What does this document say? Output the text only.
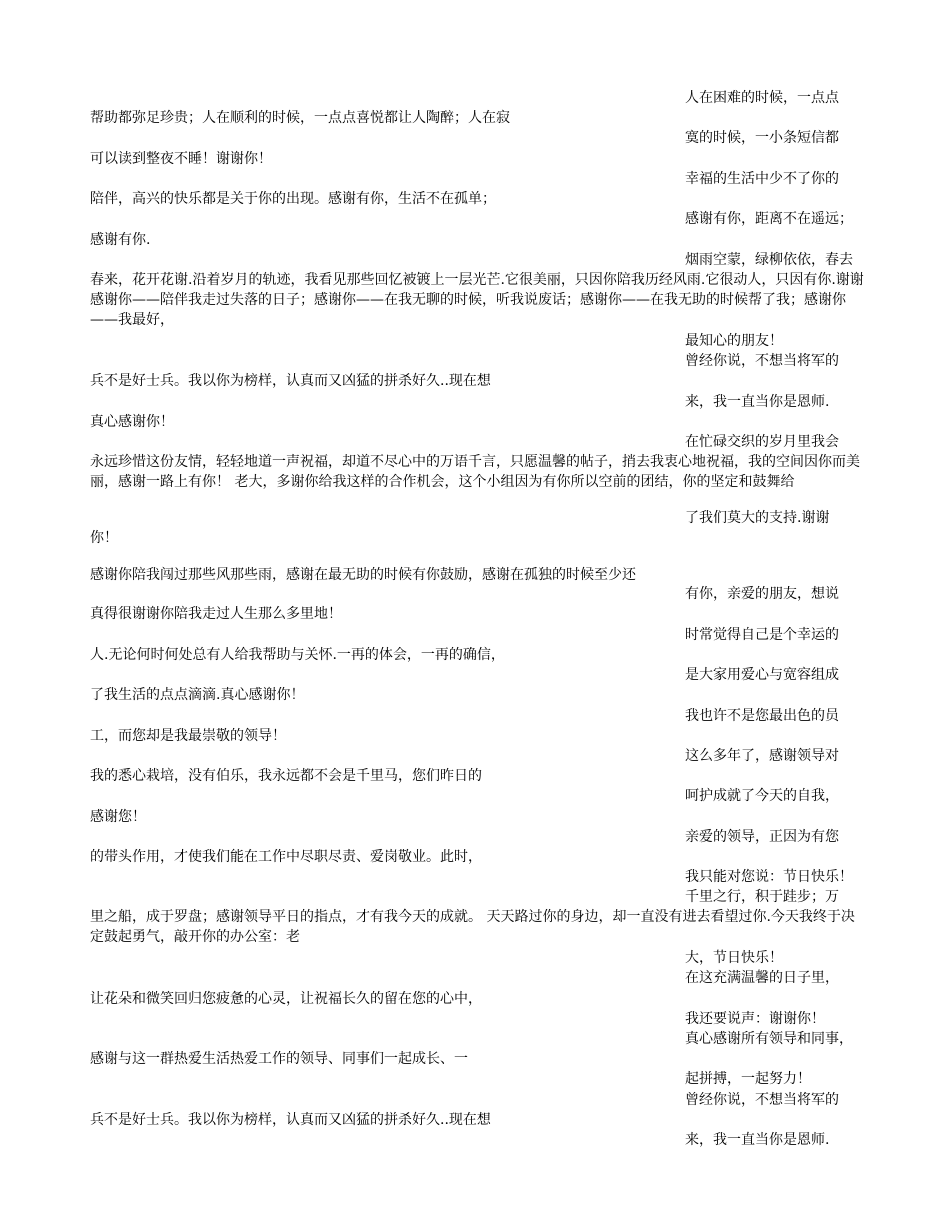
人在困难的时候，一点点
帮助都弥足珍贵；人在顺利的时候，一点点喜悦都让人陶醉；人在寂
寞的时候，一小条短信都
可以读到整夜不睡！谢谢你！
幸福的生活中少不了你的
陪伴，高兴的快乐都是关于你的出现。感谢有你，生活不在孤单；
感谢有你，距离不在遥远；
感谢有你.
烟雨空蒙，绿柳依依，春去
春来，花开花谢.沿着岁月的轨迹，我看见那些回忆被镀上一层光芒.它很美丽，只因你陪我历经风雨.它很动人，只因有你.谢谢感谢你——陪伴我走过失落的日子；感谢你——在我无聊的时候，听我说废话；感谢你——在我无助的时候帮了我；感谢你——我最好，
最知心的朋友！
曾经你说，不想当将军的
兵不是好士兵。我以你为榜样，认真而又凶猛的拼杀好久..现在想
来，我一直当你是恩师.
真心感谢你！
在忙碌交织的岁月里我会
永远珍惜这份友情，轻轻地道一声祝福，却道不尽心中的万语千言，只愿温馨的帖子，捎去我衷心地祝福，我的空间因你而美丽，感谢一路上有你！ 老大，多谢你给我这样的合作机会，这个小组因为有你所以空前的团结，你的坚定和鼓舞给
了我们莫大的支持.谢谢
你！
感谢你陪我闯过那些风那些雨，感谢在最无助的时候有你鼓励，感谢在孤独的时候至少还
有你，亲爱的朋友，想说
真得很谢谢你陪我走过人生那么多里地！
时常觉得自己是个幸运的
人.无论何时何处总有人给我帮助与关怀.一再的体会，一再的确信，
是大家用爱心与宽容组成
了我生活的点点滴滴.真心感谢你！
我也许不是您最出色的员
工，而您却是我最崇敬的领导！
这么多年了，感谢领导对
我的悉心栽培，没有伯乐，我永远都不会是千里马，您们昨日的
呵护成就了今天的自我，
感谢您！
亲爱的领导，正因为有您
的带头作用，才使我们能在工作中尽职尽责、爱岗敬业。此时，
我只能对您说：节日快乐！
千里之行，积于跬步；万
里之船，成于罗盘；感谢领导平日的指点，才有我今天的成就。 天天路过你的身边，却一直没有进去看望过你.今天我终于决定鼓起勇气，敲开你的办公室：老
大，节日快乐！
在这充满温馨的日子里，
让花朵和微笑回归您疲惫的心灵，让祝福长久的留在您的心中，
我还要说声：谢谢你！
真心感谢所有领导和同事，
感谢与这一群热爱生活热爱工作的领导、同事们一起成长、一
起拼搏，一起努力！
曾经你说，不想当将军的
兵不是好士兵。我以你为榜样，认真而又凶猛的拼杀好久..现在想
来，我一直当你是恩师.
